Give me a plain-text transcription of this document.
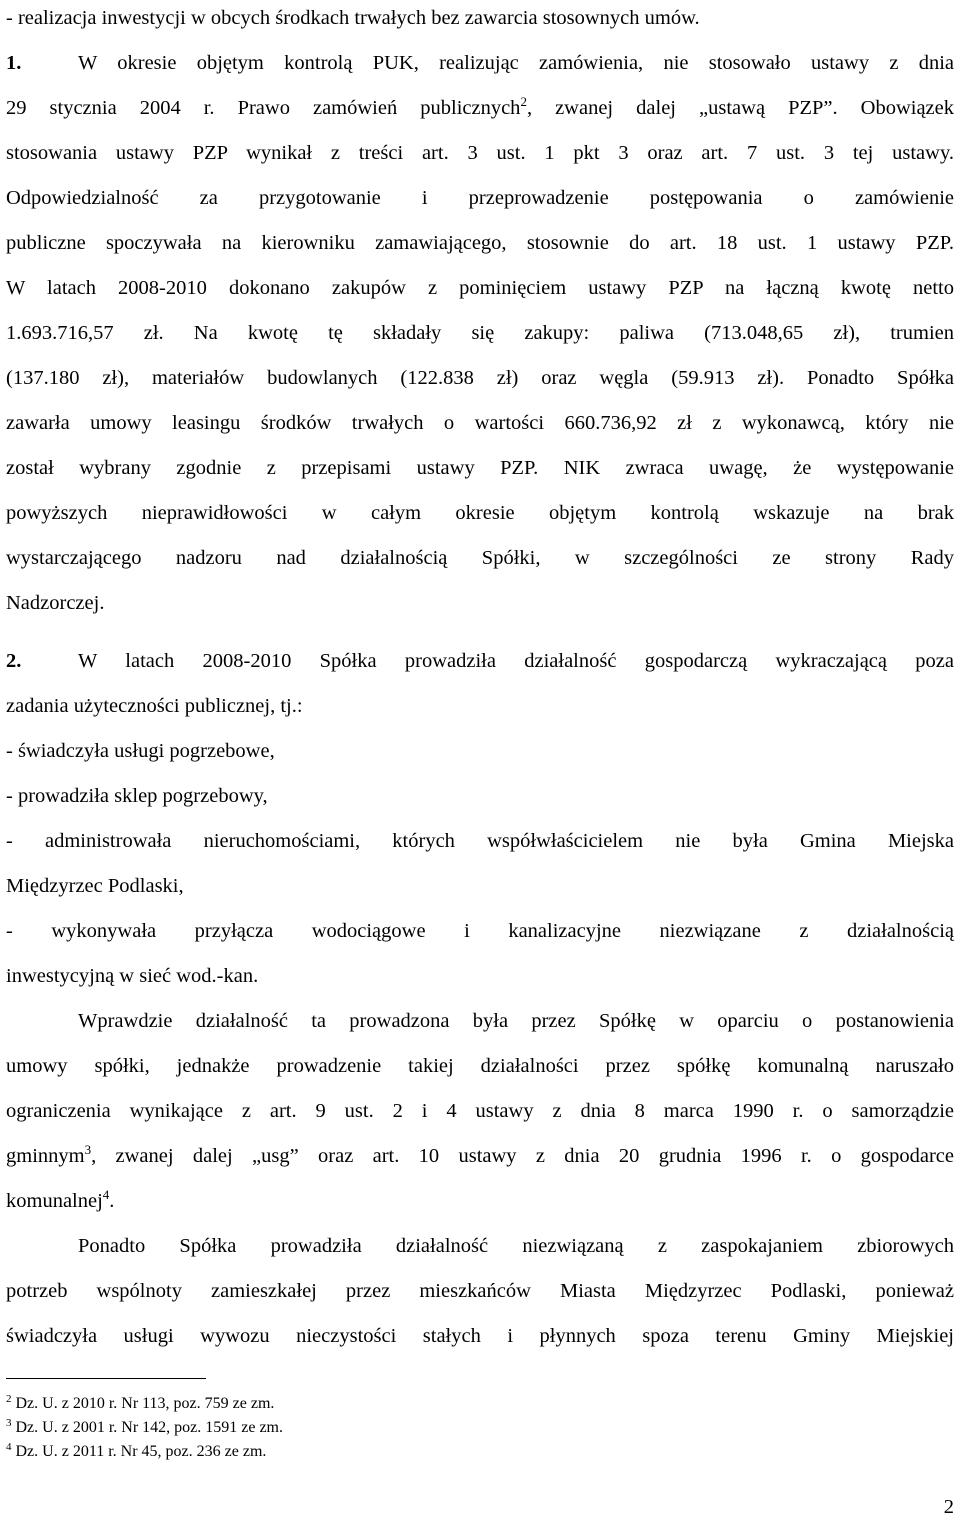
- realizacja inwestycji w obcych środkach trwałych bez zawarcia stosownych umów.
1.	W okresie objętym kontrolą PUK, realizując zamówienia, nie stosowało ustawy z dnia
29 stycznia 2004 r. Prawo zamówień publicznych$^2$, zwanej dalej „ustawą PZP”. Obowiązek
stosowania ustawy PZP wynikał z treści art. 3 ust. 1 pkt 3 oraz art. 7 ust. 3 tej ustawy.
Odpowiedzialność za przygotowanie i przeprowadzenie postępowania o zamówienie
publiczne spoczywała na kierowniku zamawiającego, stosownie do art. 18 ust. 1 ustawy PZP.
W latach 2008-2010 dokonano zakupów z pominięciem ustawy PZP na łączną kwotę netto
1.693.716,57 zł. Na kwotę tę składały się zakupy: paliwa (713.048,65 zł), trumien
(137.180 zł), materiałów budowlanych (122.838 zł) oraz węgla (59.913 zł). Ponadto Spółka
zawarła umowy leasingu środków trwałych o wartości 660.736,92 zł z wykonawcą, który nie
został wybrany zgodnie z przepisami ustawy PZP. NIK zwraca uwagę, że występowanie
powyższych nieprawidłowości w całym okresie objętym kontrolą wskazuje na brak
wystarczającego nadzoru nad działalnością Spółki, w szczególności ze strony Rady
Nadzorczej.
2.	W latach 2008-2010 Spółka prowadziła działalność gospodarczą wykraczającą poza
zadania użyteczności publicznej, tj.:
- świadczyła usługi pogrzebowe,
- prowadziła sklep pogrzebowy,
- administrowała nieruchomościami, których współwłaścicielem nie była Gmina Miejska
Międzyrzec Podlaski,
- wykonywała przyłącza wodociągowe i kanalizacyjne niezwiązane z działalnością
inwestycyjną w sieć wod.-kan.
Wprawdzie działalność ta prowadzona była przez Spółkę w oparciu o postanowienia
umowy spółki, jednakże prowadzenie takiej działalności przez spółkę komunalną naruszało
ograniczenia wynikające z art. 9 ust. 2 i 4 ustawy z dnia 8 marca 1990 r. o samorządzie
gminnym$^3$, zwanej dalej „usg” oraz art. 10 ustawy z dnia 20 grudnia 1996 r. o gospodarce
komunalnej$^4$.
Ponadto Spółka prowadziła działalność niezwiązaną z zaspokajaniem zbiorowych
potrzeb wspólnoty zamieszkałej przez mieszkańców Miasta Międzyrzec Podlaski, ponieważ
świadczyła usługi wywozu nieczystości stałych i płynnych spoza terenu Gminy Miejskiej
$^2$ Dz. U. z 2010 r. Nr 113, poz. 759 ze zm.
$^3$ Dz. U. z 2001 r. Nr 142, poz. 1591 ze zm.
$^4$ Dz. U. z 2011 r. Nr 45, poz. 236 ze zm.
2
